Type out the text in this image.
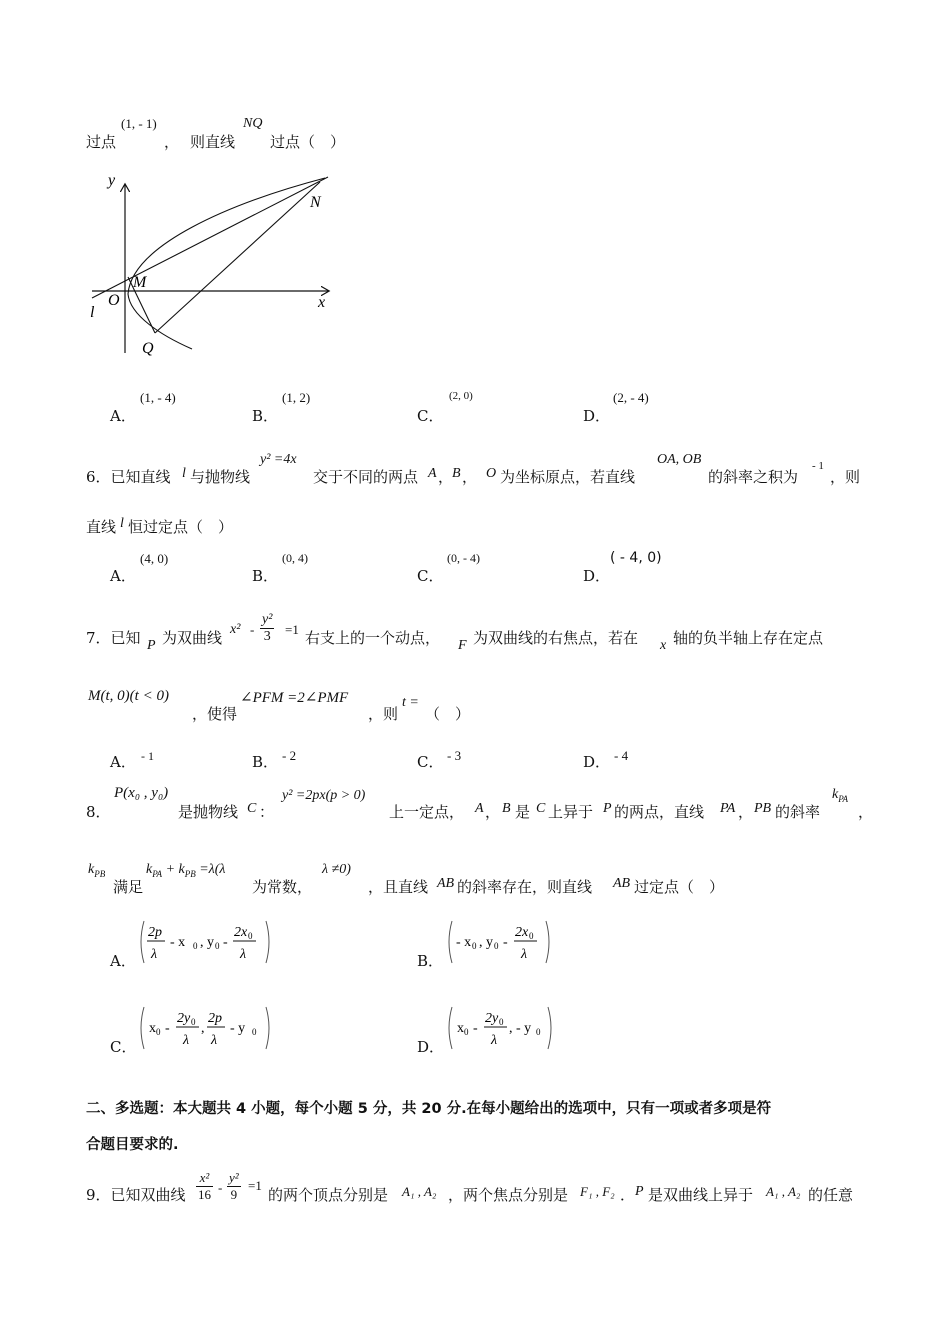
过点
(1, - 1)
， 则直线
NQ
过点（　）
y
x
N
M
O
Q
l
A．
(1, - 4)
B．
(1, 2)
C．
(2, 0)
D．
(2, - 4)
6．已知直线 l 与抛物线
y² =4x
交于不同的两点 A ，
B ， O 为坐标原点，若直线
OA, OB
的斜率之积为
- 1
，则
直线 l 恒过定点（　）
A．
(4, 0)
B．
(0, 4)
C．
(0, - 4)
D．
( - 4, 0)
7．已知 P 为双曲线 $x^2 - \frac{\text{y²}}{3} =1$ 右支上的一个动点， F 为双曲线的右焦点，若在 x 轴的负半轴上存在定点
M(t, 0)(t < 0)
，使得
∠PFM =2∠PMF
，则
t =
（　）
A． - 1	B． - 2	C． - 3	D． - 4
8．
P(x₀ , y₀)
是抛物线 C ：
y² =2px(p > 0)
上一定点， A ， B 是 C 上异于 P 的两点，直线 PA ， PB 的斜率
$k_{PA}$
，
$k_{PB}$
满足
$k_{PA} + k_{PB} =\lambda(\lambda$
为常数，
λ ≠0)
，且直线 AB 的斜率存在，则直线 AB 过定点（　）
A．
2p
λ
- x 0 , y 0 -
2x 0
λ	B．
- x 0 , y 0 -
2x 0
λ
C．
x 0 -
2y 0
λ
,
2p
λ
- y 0
D．
x 0 -
2y 0
λ
, - y 0
二、多选题：本大题共 4 小题，每个小题 5 分，共 20 分.在每小题给出的选项中，只有一项或者多项是符
合题目要求的.
9．已知双曲线 $\frac{\text{x²}}{16} - \frac{\text{y²}}{9} =1$
的两个顶点分别是 A₁ , A₂ ，两个焦点分别是 F₁ , F₂ ． P 是双曲线上异于 A₁ , A₂ 的任意
